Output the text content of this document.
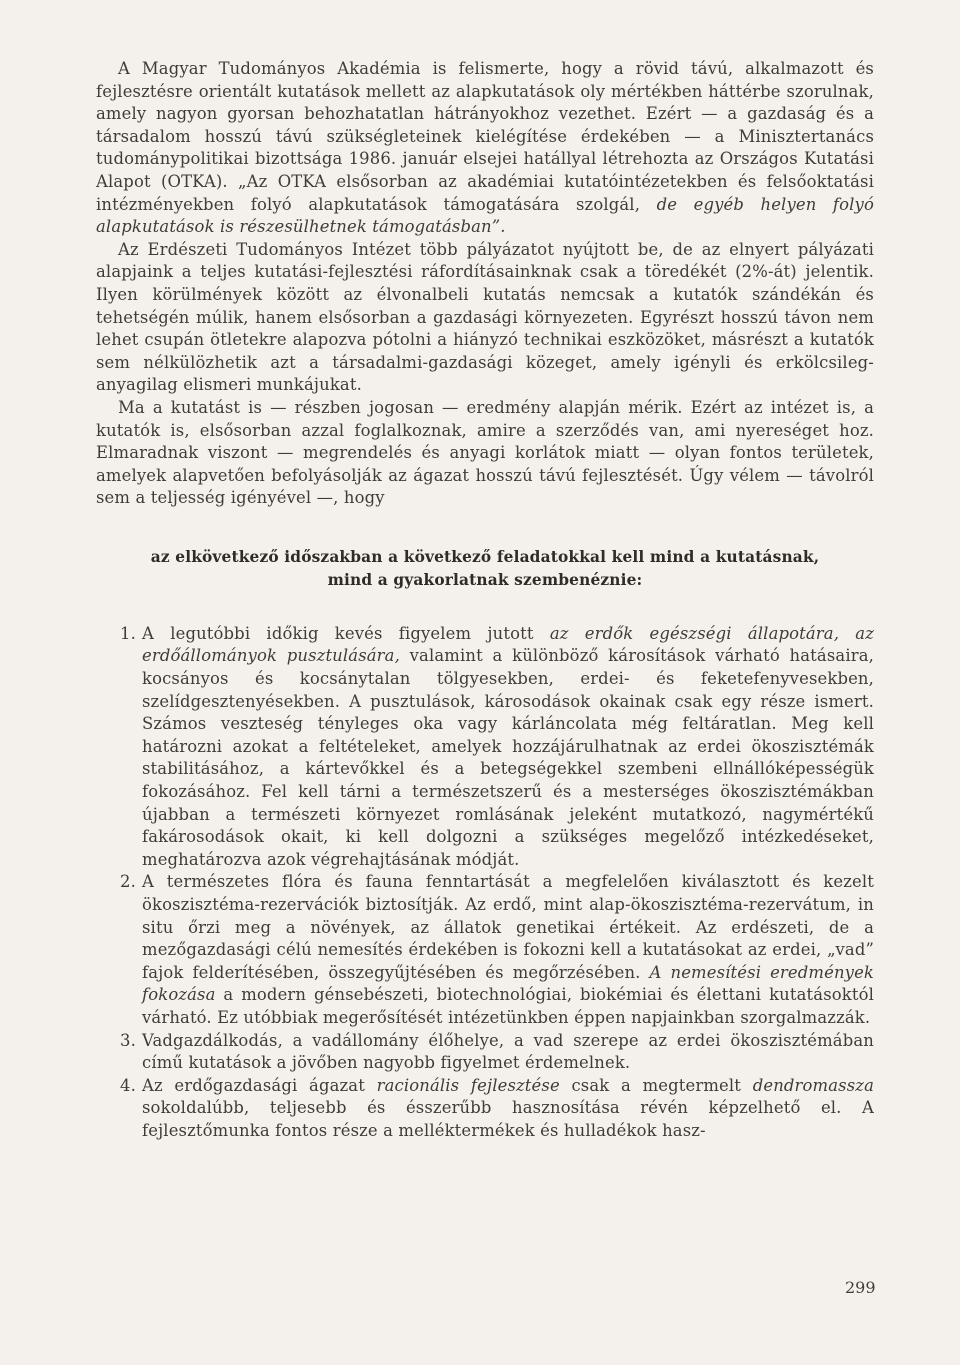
A Magyar Tudományos Akadémia is felismerte, hogy a rövid távú, alkalmazott és fejlesztésre orientált kutatások mellett az alapkutatások oly mértékben háttérbe szorulnak, amely nagyon gyorsan behozhatatlan hátrányokhoz vezethet. Ezért — a gazdaság és a társadalom hosszú távú szükségleteinek kielégítése érdekében — a Minisztertanács tudománypolitikai bizottsága 1986. január elsejei hatállyal létrehozta az Országos Kutatási Alapot (OTKA). „Az OTKA elsősorban az akadémiai kutatóintézetekben és felsőoktatási intézményekben folyó alapkutatások támogatására szolgál, de egyéb helyen folyó alapkutatások is részesülhetnek támogatásban”.

Az Erdészeti Tudományos Intézet több pályázatot nyújtott be, de az elnyert pályázati alapjaink a teljes kutatási-fejlesztési ráfordításainknak csak a töredékét (2%-át) jelentik. Ilyen körülmények között az élvonalbeli kutatás nemcsak a kutatók szándékán és tehetségén múlik, hanem elsősorban a gazdasági környezeten. Egyrészt hosszú távon nem lehet csupán ötletekre alapozva pótolni a hiányzó technikai eszközöket, másrészt a kutatók sem nélkülözhetik azt a társadalmi-gazdasági közeget, amely igényli és erkölcsileg-anyagilag elismeri munkájukat.

Ma a kutatást is — részben jogosan — eredmény alapján mérik. Ezért az intézet is, a kutatók is, elsősorban azzal foglalkoznak, amire a szerződés van, ami nyereséget hoz. Elmaradnak viszont — megrendelés és anyagi korlátok miatt — olyan fontos területek, amelyek alapvetően befolyásolják az ágazat hosszú távú fejlesztését. Úgy vélem — távolról sem a teljesség igényével —, hogy

az elkövetkező időszakban a következő feladatokkal kell mind a kutatásnak,
mind a gyakorlatnak szembenéznie:
1. A legutóbbi időkig kevés figyelem jutott az erdők egészségi állapotára, az erdőállományok pusztulására, valamint a különböző károsítások várható hatásaira, kocsányos és kocsánytalan tölgyesekben, erdei- és feketefenyvesekben, szelídgesztenyésekben. A pusztulások, károsodások okainak csak egy része ismert. Számos veszteség tényleges oka vagy kárláncolata még feltáratlan. Meg kell határozni azokat a feltételeket, amelyek hozzájárulhatnak az erdei ökoszisztémák stabilitásához, a kártevőkkel és a betegségekkel szembeni ellnállóképességük fokozásához. Fel kell tárni a természetszerű és a mesterséges ökoszisztémákban újabban a természeti környezet romlásának jeleként mutatkozó, nagymértékű fakárosodások okait, ki kell dolgozni a szükséges megelőző intézkedéseket, meghatározva azok végrehajtásának módját.
2. A természetes flóra és fauna fenntartását a megfelelően kiválasztott és kezelt ökoszisztéma-rezervációk biztosítják. Az erdő, mint alap-ökoszisztéma-rezervátum, in situ őrzi meg a növények, az állatok genetikai értékeit. Az erdészeti, de a mezőgazdasági célú nemesítés érdekében is fokozni kell a kutatásokat az erdei, „vad” fajok felderítésében, összegyűjtésében és megőrzésében. A nemesítési eredmények fokozása a modern génsebészeti, biotechnológiai, biokémiai és élettani kutatásoktól várható. Ez utóbbiak megerősítését intézetünkben éppen napjainkban szorgalmazzák.
3. Vadgazdálkodás, a vadállomány élőhelye, a vad szerepe az erdei ökoszisztémában című kutatások a jövőben nagyobb figyelmet érdemelnek.
4. Az erdőgazdasági ágazat racionális fejlesztése csak a megtermelt dendromassza sokoldalúbb, teljesebb és ésszerűbb hasznosítása révén képzelhető el. A fejlesztőmunka fontos része a melléktermékek és hulladékok hasz-
299
